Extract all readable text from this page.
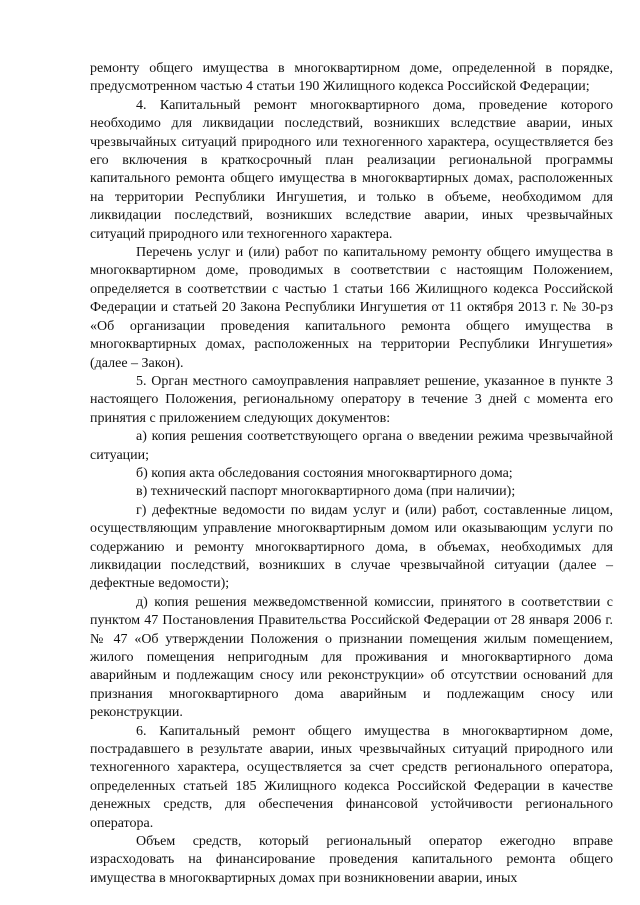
ремонту общего имущества в многоквартирном доме, определенной в порядке, предусмотренном частью 4 статьи 190 Жилищного кодекса Российской Федерации;

4. Капитальный ремонт многоквартирного дома, проведение которого необходимо для ликвидации последствий, возникших вследствие аварии, иных чрезвычайных ситуаций природного или техногенного характера, осуществляется без его включения в краткосрочный план реализации региональной программы капитального ремонта общего имущества в многоквартирных домах, расположенных на территории Республики Ингушетия, и только в объеме, необходимом для ликвидации последствий, возникших вследствие аварии, иных чрезвычайных ситуаций природного или техногенного характера.

Перечень услуг и (или) работ по капитальному ремонту общего имущества в многоквартирном доме, проводимых в соответствии с настоящим Положением, определяется в соответствии с частью 1 статьи 166 Жилищного кодекса Российской Федерации и статьей 20 Закона Республики Ингушетия от 11 октября 2013 г. № 30-рз «Об организации проведения капитального ремонта общего имущества в многоквартирных домах, расположенных на территории Республики Ингушетия» (далее – Закон).

5. Орган местного самоуправления направляет решение, указанное в пункте 3 настоящего Положения, региональному оператору в течение 3 дней с момента его принятия с приложением следующих документов:

а) копия решения соответствующего органа о введении режима чрезвычайной ситуации;

б) копия акта обследования состояния многоквартирного дома;

в) технический паспорт многоквартирного дома (при наличии);

г) дефектные ведомости по видам услуг и (или) работ, составленные лицом, осуществляющим управление многоквартирным домом или оказывающим услуги по содержанию и ремонту многоквартирного дома, в объемах, необходимых для ликвидации последствий, возникших в случае чрезвычайной ситуации (далее – дефектные ведомости);

д) копия решения межведомственной комиссии, принятого в соответствии с пунктом 47 Постановления Правительства Российской Федерации от 28 января 2006 г. № 47 «Об утверждении Положения о признании помещения жилым помещением, жилого помещения непригодным для проживания и многоквартирного дома аварийным и подлежащим сносу или реконструкции» об отсутствии оснований для признания многоквартирного дома аварийным и подлежащим сносу или реконструкции.

6. Капитальный ремонт общего имущества в многоквартирном доме, пострадавшего в результате аварии, иных чрезвычайных ситуаций природного или техногенного характера, осуществляется за счет средств регионального оператора, определенных статьей 185 Жилищного кодекса Российской Федерации в качестве денежных средств, для обеспечения финансовой устойчивости регионального оператора.

Объем средств, который региональный оператор ежегодно вправе израсходовать на финансирование проведения капитального ремонта общего имущества в многоквартирных домах при возникновении аварии, иных
